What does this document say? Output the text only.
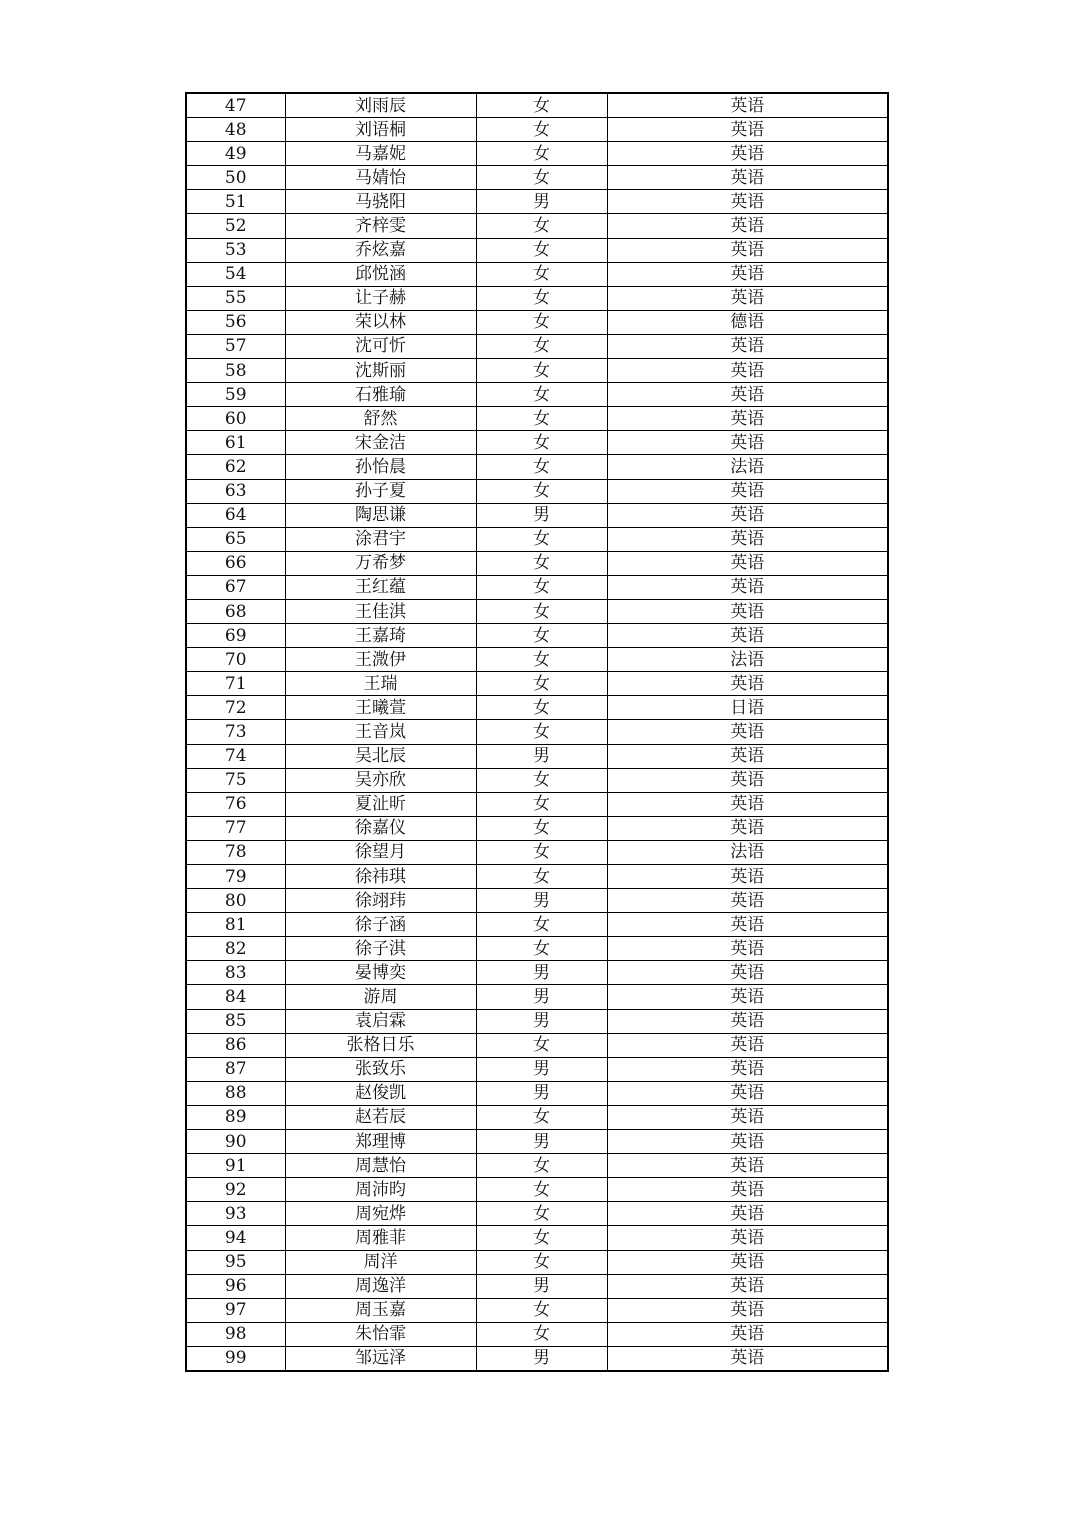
47	刘雨辰	女	英语
48	刘语桐	女	英语
49	马嘉妮	女	英语
50	马婧怡	女	英语
51	马骁阳	男	英语
52	齐梓雯	女	英语
53	乔炫嘉	女	英语
54	邱悦涵	女	英语
55	让子赫	女	英语
56	荣以林	女	德语
57	沈可忻	女	英语
58	沈斯丽	女	英语
59	石雅瑜	女	英语
60	舒然	女	英语
61	宋金洁	女	英语
62	孙怡晨	女	法语
63	孙子夏	女	英语
64	陶思谦	男	英语
65	涂君宇	女	英语
66	万希梦	女	英语
67	王红蕴	女	英语
68	王佳淇	女	英语
69	王嘉琦	女	英语
70	王溦伊	女	法语
71	王瑞	女	英语
72	王曦萱	女	日语
73	王音岚	女	英语
74	吴北辰	男	英语
75	吴亦欣	女	英语
76	夏沚昕	女	英语
77	徐嘉仪	女	英语
78	徐望月	女	法语
79	徐祎琪	女	英语
80	徐翊玮	男	英语
81	徐子涵	女	英语
82	徐子淇	女	英语
83	晏博奕	男	英语
84	游周	男	英语
85	袁启霖	男	英语
86	张格日乐	女	英语
87	张致乐	男	英语
88	赵俊凯	男	英语
89	赵若辰	女	英语
90	郑理博	男	英语
91	周慧怡	女	英语
92	周沛昀	女	英语
93	周宛烨	女	英语
94	周雅菲	女	英语
95	周洋	女	英语
96	周逸洋	男	英语
97	周玉嘉	女	英语
98	朱怡霏	女	英语
99	邹远泽	男	英语
